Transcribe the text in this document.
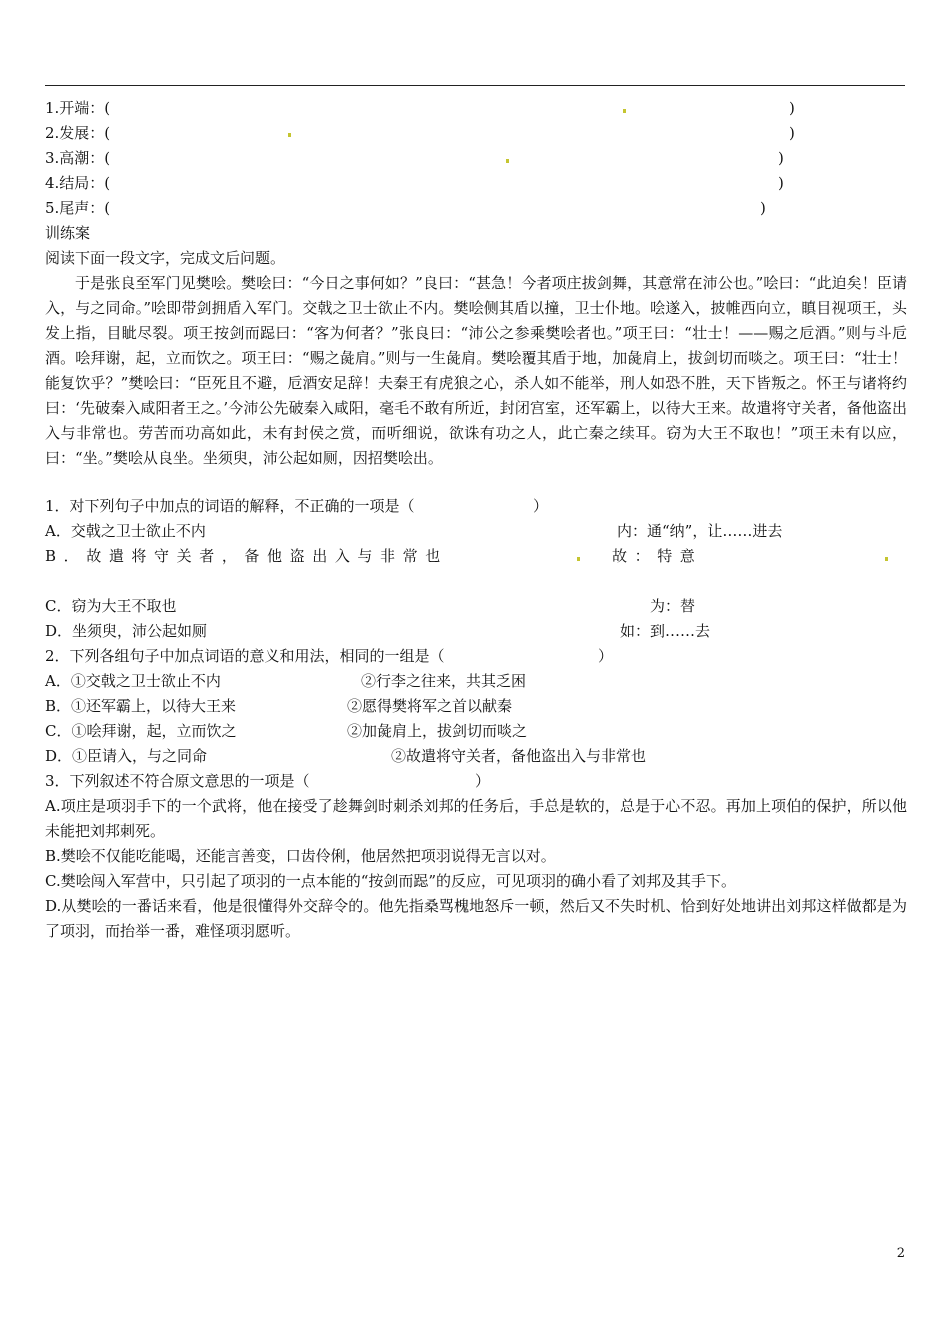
1.开端：(	)
2.发展：(	)
3.高潮：(	)
4.结局：(	)
5.尾声：(	)
训练案
阅读下面一段文字，完成文后问题。

于是张良至军门见樊哙。樊哙曰：“今日之事何如？”良曰：“甚急！今者项庄拔剑舞，其意常在沛公也。”哙曰：“此迫矣！臣请入，与之同命。”哙即带剑拥盾入军门。交戟之卫士欲止不内。樊哙侧其盾以撞，卫士仆地。哙遂入，披帷西向立，瞋目视项王，头发上指，目眦尽裂。项王按剑而跽曰：“客为何者？”张良曰：“沛公之参乘樊哙者也。”项王曰：“壮士！——赐之卮酒。”则与斗卮酒。哙拜谢，起，立而饮之。项王曰：“赐之彘肩。”则与一生彘肩。樊哙覆其盾于地，加彘肩上，拔剑切而啖之。项王曰：“壮士！能复饮乎？”樊哙曰：“臣死且不避，卮酒安足辞！夫秦王有虎狼之心，杀人如不能举，刑人如恐不胜，天下皆叛之。怀王与诸将约曰：‘先破秦入咸阳者王之。’今沛公先破秦入咸阳，毫毛不敢有所近，封闭宫室，还军霸上，以待大王来。故遣将守关者，备他盗出入与非常也。劳苦而功高如此，未有封侯之赏，而听细说，欲诛有功之人，此亡秦之续耳。窃为大王不取也！”项王未有以应，曰：“坐。”樊哙从良坐。坐须臾，沛公起如厕，因招樊哙出。

1．对下列句子中加点的词语的解释，不正确的一项是（	）
A．交戟之卫士欲止不内	内：通“纳”，让……进去
B．故遣将守关者，备他盗出入与非常也	故：特意
C．窃为大王不取也	为：替
D．坐须臾，沛公起如厕	如：到……去
2．下列各组句子中加点词语的意义和用法，相同的一组是（	）
A．①交戟之卫士欲止不内	②行李之往来，共其乏困
B．①还军霸上，以待大王来	②愿得樊将军之首以献秦
C．①哙拜谢，起，立而饮之	②加彘肩上，拔剑切而啖之
D．①臣请入，与之同命	②故遣将守关者，备他盗出入与非常也
3．下列叙述不符合原文意思的一项是（	）

A.项庄是项羽手下的一个武将，他在接受了趁舞剑时刺杀刘邦的任务后，手总是软的，总是于心不忍。再加上项伯的保护，所以他未能把刘邦刺死。

B.樊哙不仅能吃能喝，还能言善变，口齿伶俐，他居然把项羽说得无言以对。

C.樊哙闯入军营中，只引起了项羽的一点本能的“按剑而跽”的反应，可见项羽的确小看了刘邦及其手下。

D.从樊哙的一番话来看，他是很懂得外交辞令的。他先指桑骂槐地怒斥一顿，然后又不失时机、恰到好处地讲出刘邦这样做都是为了项羽，而抬举一番，难怪项羽愿听。

2
